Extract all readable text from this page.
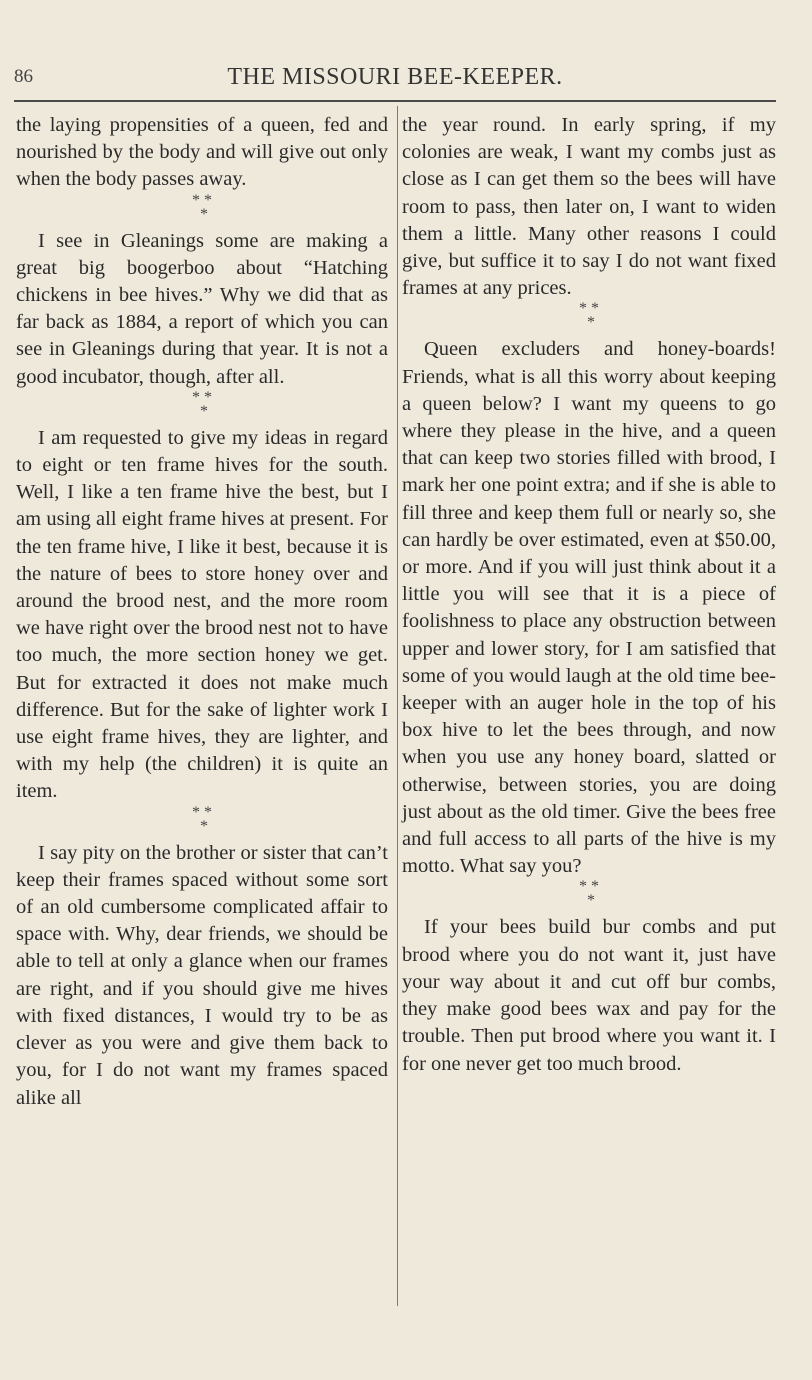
86	THE MISSOURI BEE-KEEPER.

the laying propensities of a queen, fed and nourished by the body and will give out only when the body passes away.

* *
*

I see in Gleanings some are making a great big boogerboo about “Hatching chickens in bee hives.” Why we did that as far back as 1884, a report of which you can see in Gleanings during that year. It is not a good incubator, though, after all.

* *
*

I am requested to give my ideas in regard to eight or ten frame hives for the south. Well, I like a ten frame hive the best, but I am using all eight frame hives at present. For the ten frame hive, I like it best, because it is the nature of bees to store honey over and around the brood nest, and the more room we have right over the brood nest not to have too much, the more section honey we get. But for extracted it does not make much difference. But for the sake of lighter work I use eight frame hives, they are lighter, and with my help (the children) it is quite an item.

* *
*

I say pity on the brother or sister that can’t keep their frames spaced without some sort of an old cumbersome complicated affair to space with. Why, dear friends, we should be able to tell at only a glance when our frames are right, and if you should give me hives with fixed distances, I would try to be as clever as you were and give them back to you, for I do not want my frames spaced alike all

the year round. In early spring, if my colonies are weak, I want my combs just as close as I can get them so the bees will have room to pass, then later on, I want to widen them a little. Many other reasons I could give, but suffice it to say I do not want fixed frames at any prices.

* *
*

Queen excluders and honey-boards! Friends, what is all this worry about keeping a queen below? I want my queens to go where they please in the hive, and a queen that can keep two stories filled with brood, I mark her one point extra; and if she is able to fill three and keep them full or nearly so, she can hardly be over estimated, even at $50.00, or more. And if you will just think about it a little you will see that it is a piece of foolishness to place any obstruction between upper and lower story, for I am satisfied that some of you would laugh at the old time bee-keeper with an auger hole in the top of his box hive to let the bees through, and now when you use any honey board, slatted or otherwise, between stories, you are doing just about as the old timer. Give the bees free and full access to all parts of the hive is my motto. What say you?

* *
*

If your bees build bur combs and put brood where you do not want it, just have your way about it and cut off bur combs, they make good bees wax and pay for the trouble. Then put brood where you want it. I for one never get too much brood.
